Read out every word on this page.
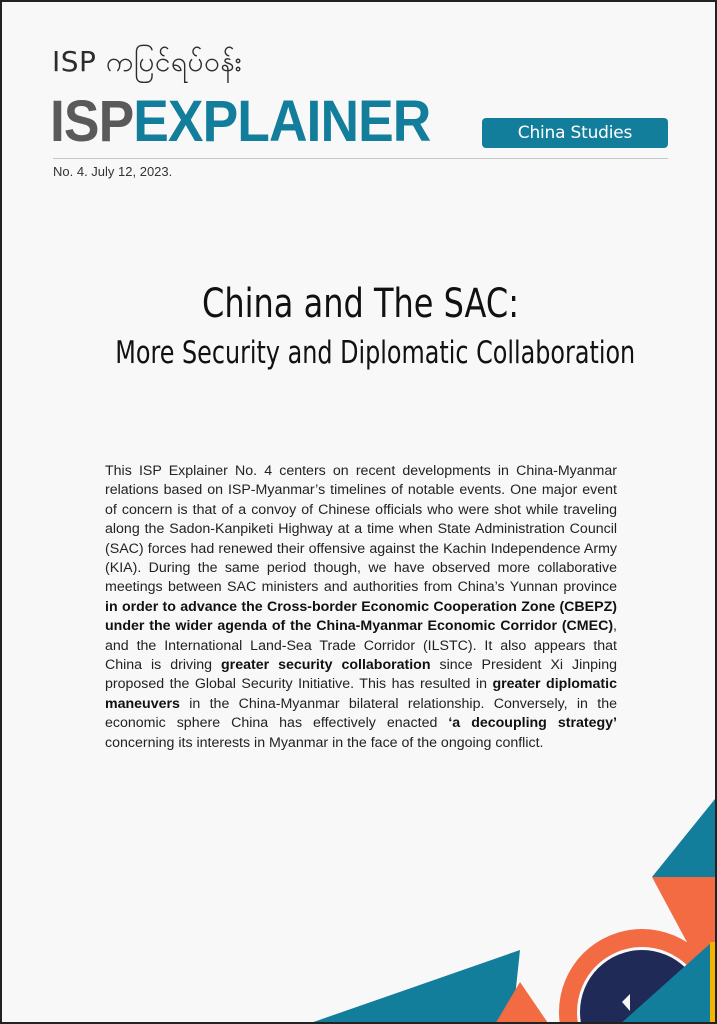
ISP ကပြင်ရပ်ဝန်း
ISPEXPLAINER	China Studies
No. 4. July 12, 2023.
China and The SAC:
More Security and Diplomatic Collaboration

This ISP Explainer No. 4 centers on recent developments in China-Myanmar relations based on ISP-Myanmar’s timelines of notable events. One major event of concern is that of a convoy of Chinese officials who were shot while traveling along the Sadon-Kanpiketi Highway at a time when State Administration Council (SAC) forces had renewed their offensive against the Kachin Independence Army (KIA). During the same period though, we have observed more collaborative meetings between SAC ministers and authorities from China’s Yunnan province in order to advance the Cross-border Economic Cooperation Zone (CBEPZ) under the wider agenda of the China-Myanmar Economic Corridor (CMEC), and the International Land-Sea Trade Corridor (ILSTC). It also appears that China is driving greater security collaboration since President Xi Jinping proposed the Global Security Initiative. This has resulted in greater diplomatic maneuvers in the China-Myanmar bilateral relationship. Conversely, in the economic sphere China has effectively enacted ‘a decoupling strategy’ concerning its interests in Myanmar in the face of the ongoing conflict.
